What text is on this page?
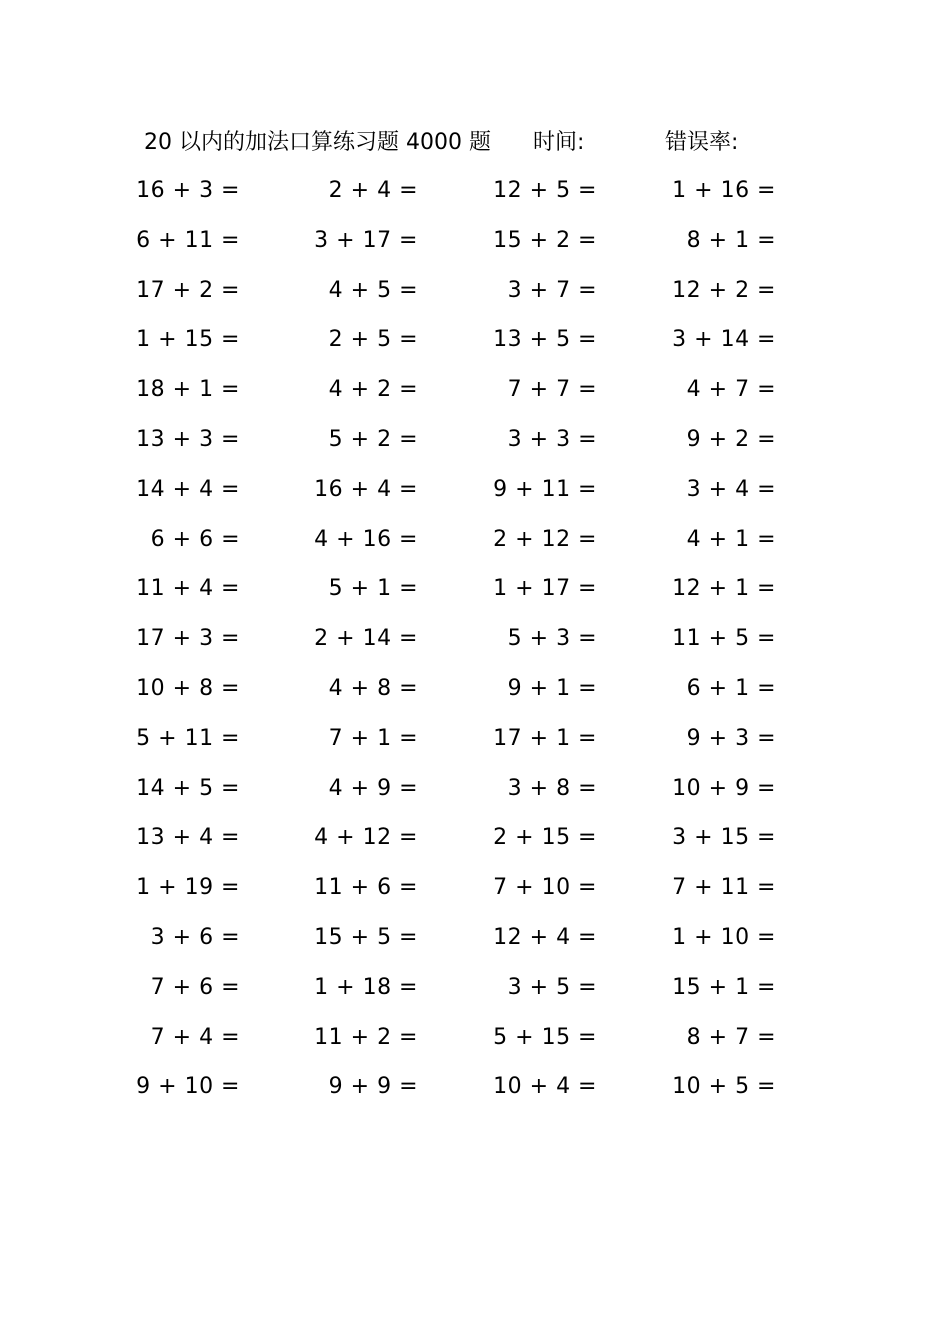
20 以内的加法口算练习题 4000 题 时间:	错误率:
16 + 3 =	2 + 4 =	12 + 5 =	1 + 16 =
6 + 11 =	3 + 17 =	15 + 2 =	8 + 1 =
17 + 2 =	4 + 5 =	3 + 7 =	12 + 2 =
1 + 15 =	2 + 5 =	13 + 5 =	3 + 14 =
18 + 1 =	4 + 2 =	7 + 7 =	4 + 7 =
13 + 3 =	5 + 2 =	3 + 3 =	9 + 2 =
14 + 4 =	16 + 4 =	9 + 11 =	3 + 4 =
6 + 6 =	4 + 16 =	2 + 12 =	4 + 1 =
11 + 4 =	5 + 1 =	1 + 17 =	12 + 1 =
17 + 3 =	2 + 14 =	5 + 3 =	11 + 5 =
10 + 8 =	4 + 8 =	9 + 1 =	6 + 1 =
5 + 11 =	7 + 1 =	17 + 1 =	9 + 3 =
14 + 5 =	4 + 9 =	3 + 8 =	10 + 9 =
13 + 4 =	4 + 12 =	2 + 15 =	3 + 15 =
1 + 19 =	11 + 6 =	7 + 10 =	7 + 11 =
3 + 6 =	15 + 5 =	12 + 4 =	1 + 10 =
7 + 6 =	1 + 18 =	3 + 5 =	15 + 1 =
7 + 4 =	11 + 2 =	5 + 15 =	8 + 7 =
9 + 10 =	9 + 9 =	10 + 4 =	10 + 5 =
